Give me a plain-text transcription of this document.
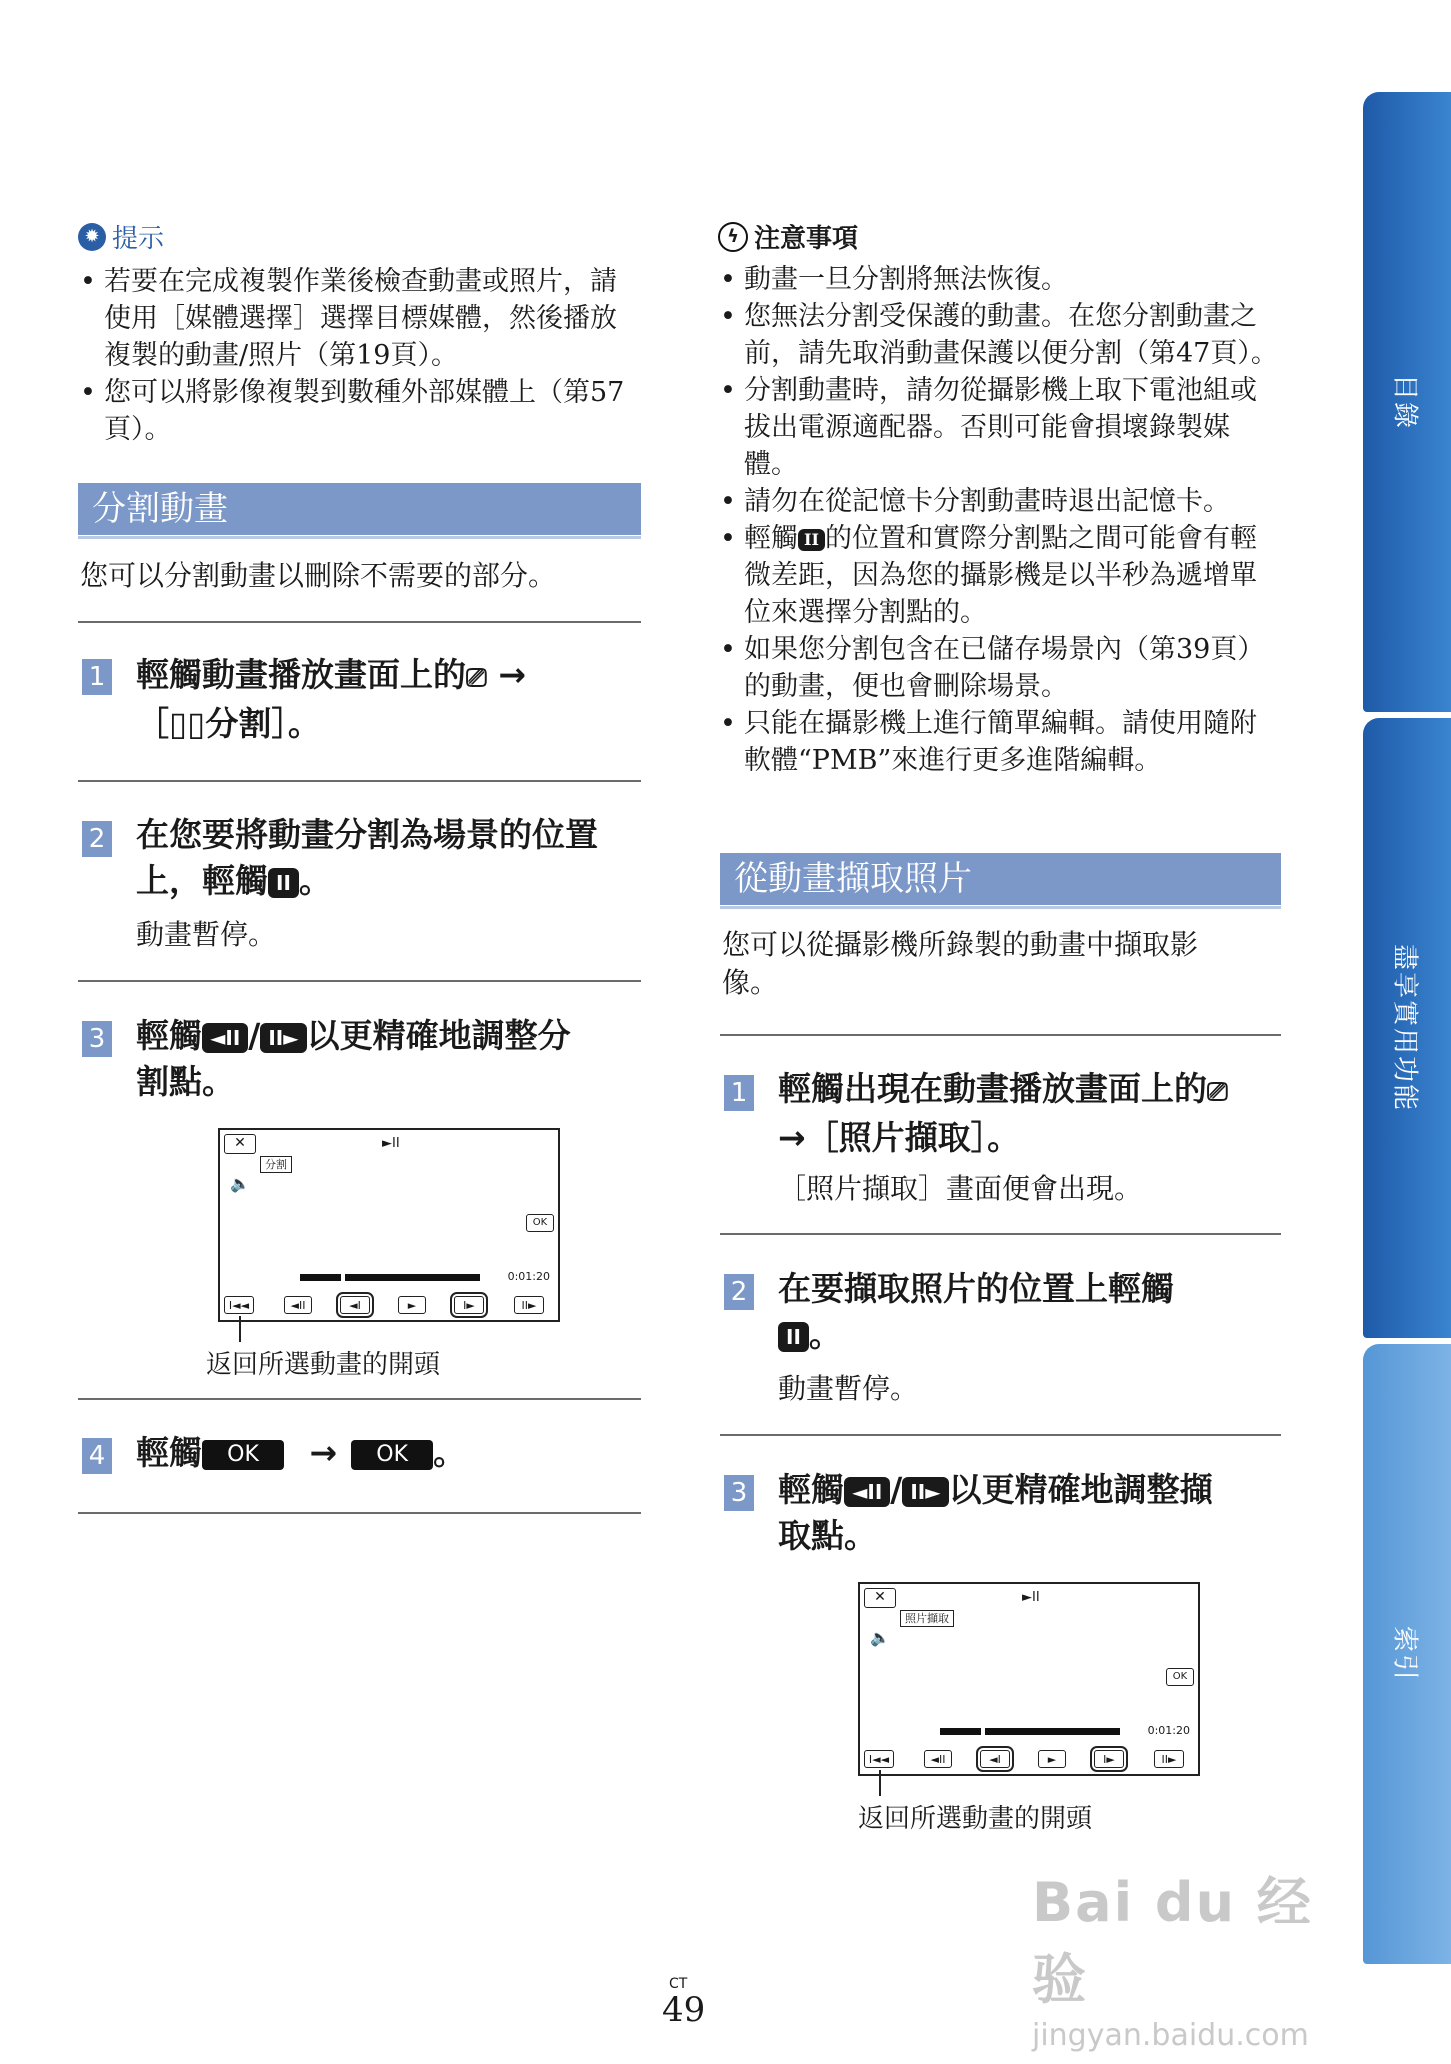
目錄
盡享實用功能
索引
✹ 提示
• 若要在完成複製作業後檢查動畫或照片，請使用［媒體選擇］選擇目標媒體，然後播放複製的動畫/照片（第19頁）。
• 您可以將影像複製到數種外部媒體上（第57頁）。
分割動畫
您可以分割動畫以刪除不需要的部分。
1 輕觸動畫播放畫面上的⎚ →
［▯▯分割］。
2 在您要將動畫分割為場景的位置
上，輕觸 II 。
動畫暫停。
3 輕觸 ◄II / II► 以更精確地調整分
割點。
✕	►II
分割
🔈
OK
0:01:20
I◄◄	◄II	◄I	►	I►	II►
返回所選動畫的開頭
4 輕觸 OK → OK 。
ϟ 注意事項
• 動畫一旦分割將無法恢復。
• 您無法分割受保護的動畫。在您分割動畫之前，請先取消動畫保護以便分割（第47頁）。
• 分割動畫時，請勿從攝影機上取下電池組或拔出電源適配器。否則可能會損壞錄製媒體。
• 請勿在從記憶卡分割動畫時退出記憶卡。
• 輕觸 II 的位置和實際分割點之間可能會有輕微差距，因為您的攝影機是以半秒為遞增單位來選擇分割點的。
• 如果您分割包含在已儲存場景內（第39頁）的動畫，便也會刪除場景。
• 只能在攝影機上進行簡單編輯。請使用隨附軟體“PMB”來進行更多進階編輯。
從動畫擷取照片
您可以從攝影機所錄製的動畫中擷取影像。
1 輕觸出現在動畫播放畫面上的⎚
→［照片擷取］。
［照片擷取］畫面便會出現。
2 在要擷取照片的位置上輕觸
II 。
動畫暫停。
3 輕觸 ◄II / II► 以更精確地調整擷
取點。
✕	►II
照片擷取
🔈
OK
0:01:20
I◄◄	◄II	◄I	►	I►	II►
返回所選動畫的開頭
CT
49
Bai du 经验
jingyan.baidu.com
